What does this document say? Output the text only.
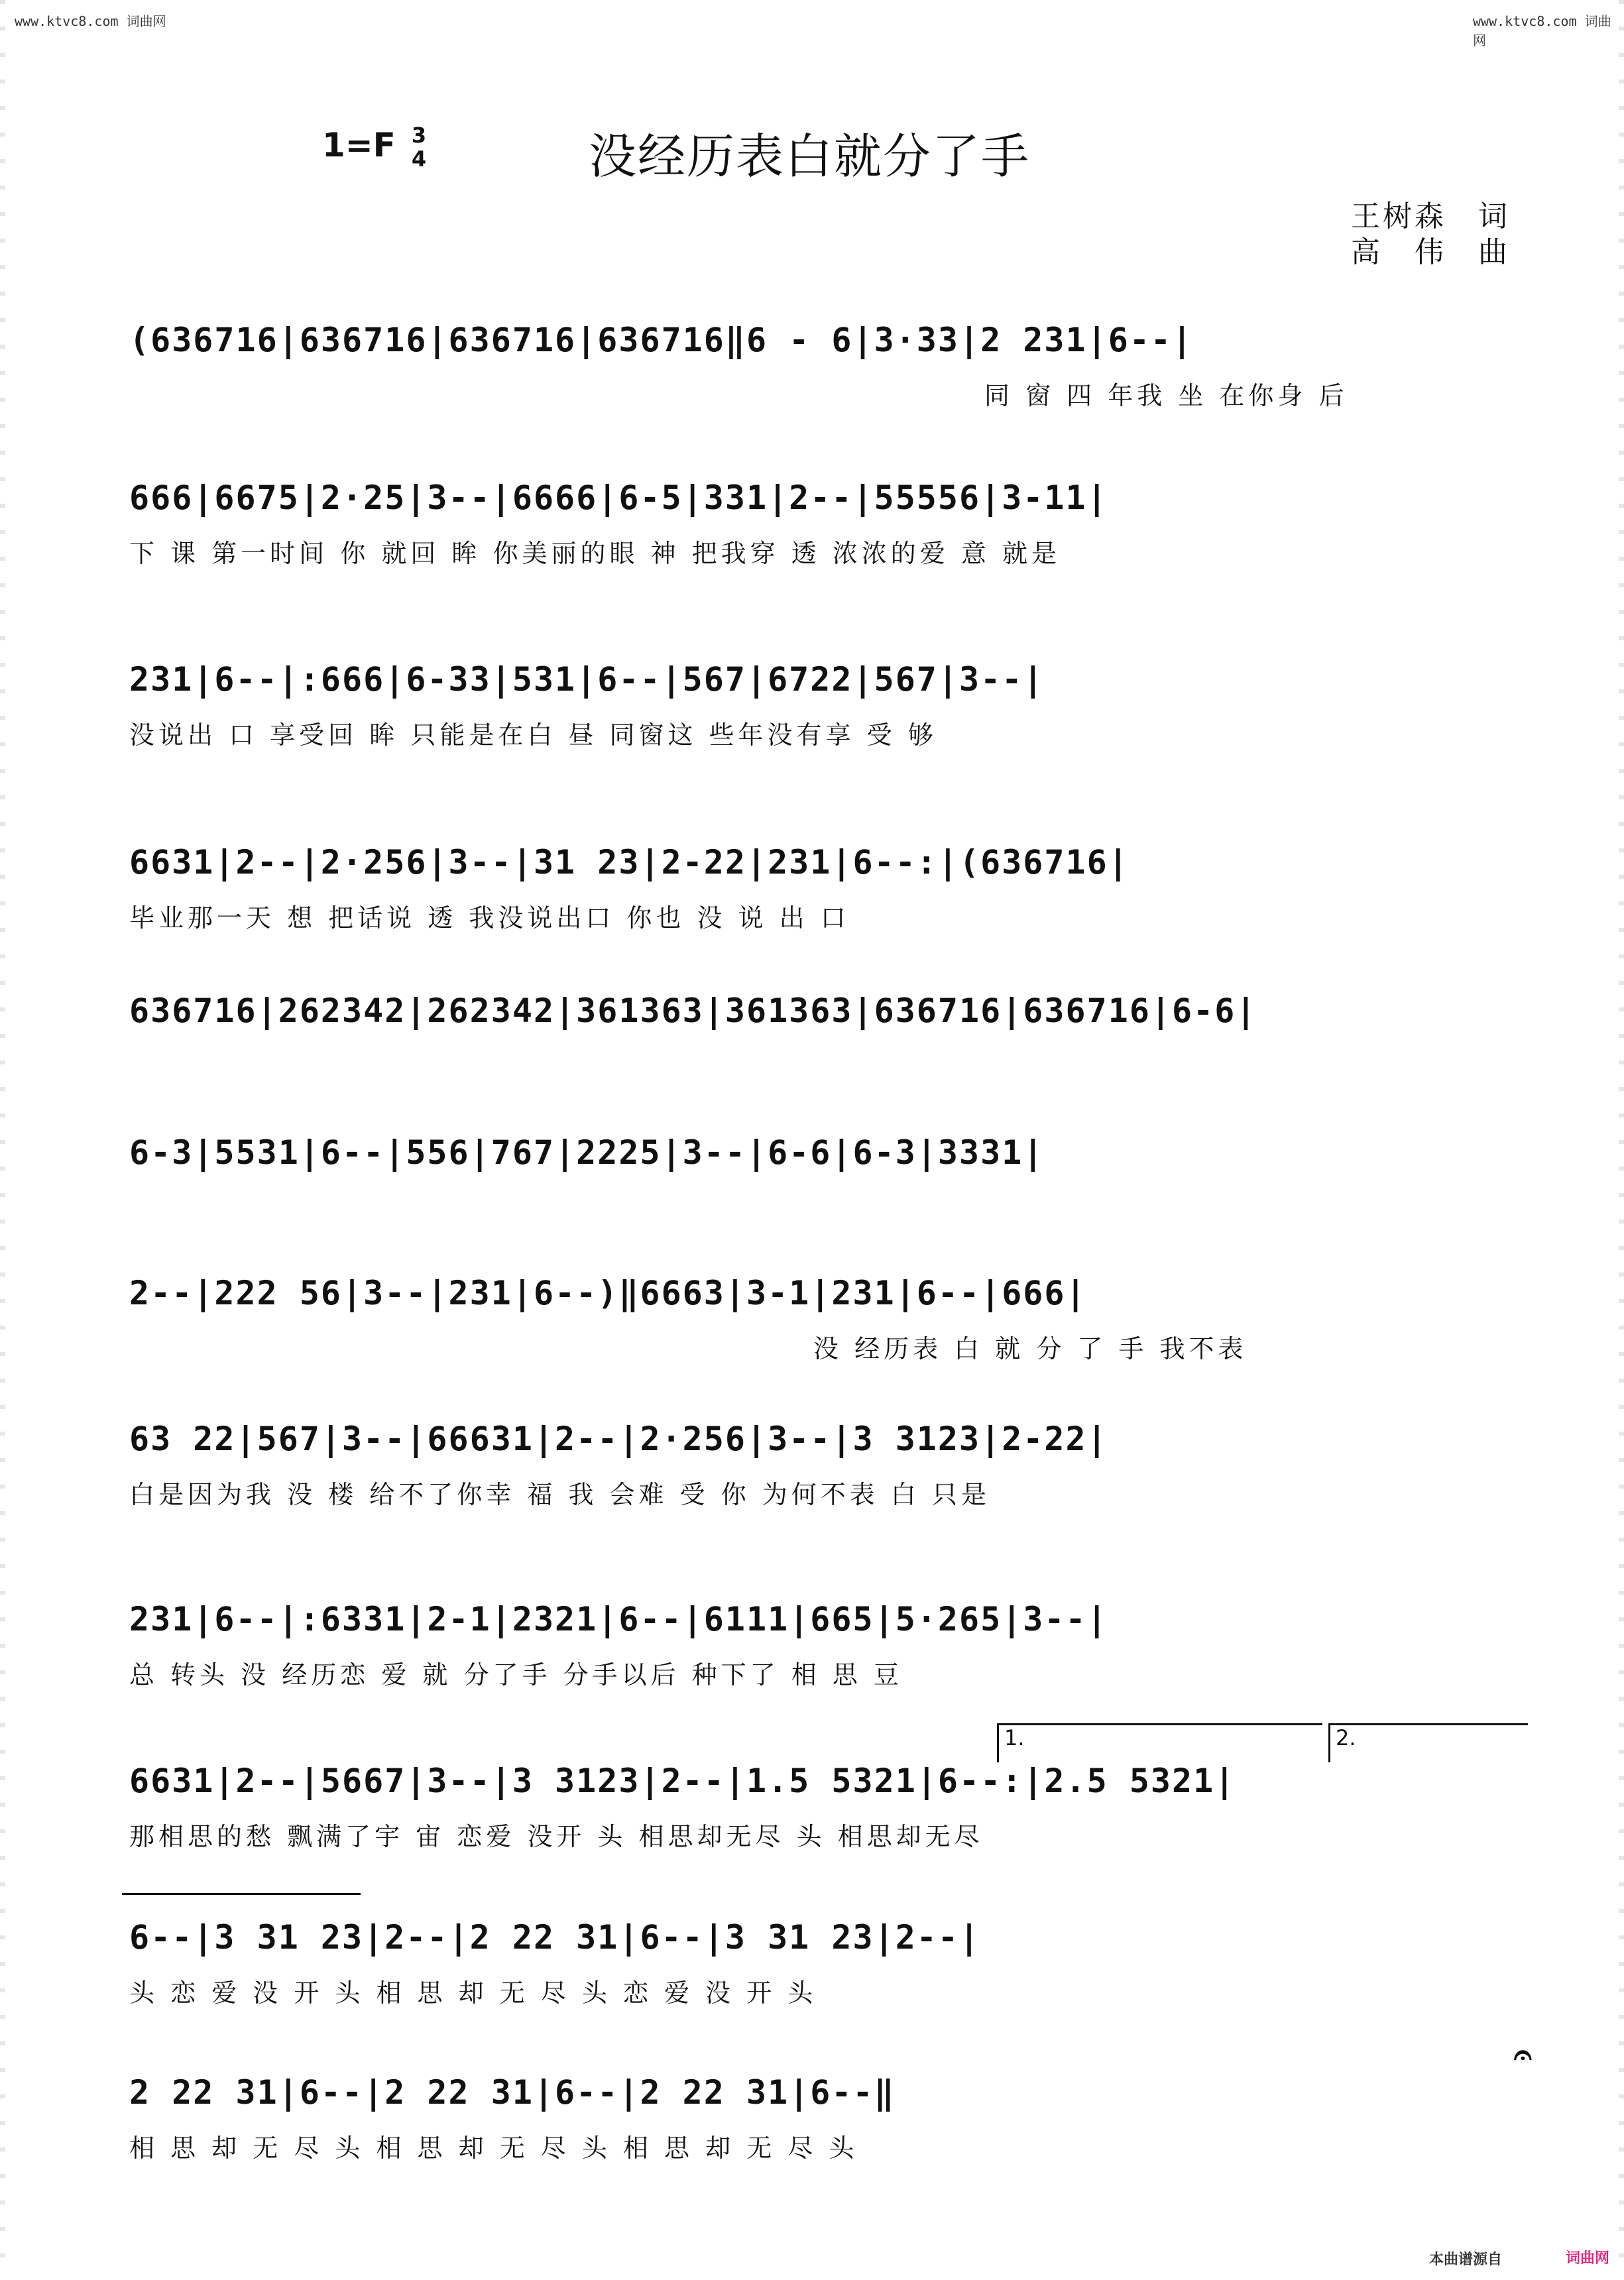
www.ktvc8.com 词曲网	www.ktvc8.com 词曲网
1=F 3
4	没经历表白就分了手
王树森　词
高　伟　曲
(636716|636716|636716|636716‖6 - 6|3·33|2 231|6--|
同 窗 四 年我 坐 在你身 后
666|6675|2·25|3--|6666|6-5|331|2--|55556|3-11|
下 课 第一时间 你 就回 眸 你美丽的眼 神 把我穿 透 浓浓的爱 意 就是
231|6--|:666|6-33|531|6--|567|6722|567|3--|
没说出 口 享受回 眸 只能是在白 昼 同窗这 些年没有享 受 够
6631|2--|2·256|3--|31 23|2-22|231|6--:|(636716|
毕业那一天 想 把话说 透 我没说出口 你也 没 说 出 口
636716|262342|262342|361363|361363|636716|636716|6-6|
6-3|5531|6--|556|767|2225|3--|6-6|6-3|3331|
2--|222 56|3--|231|6--)‖6663|3-1|231|6--|666|
没 经历表 白 就 分 了 手 我不表
63 22|567|3--|66631|2--|2·256|3--|3 3123|2-22|
白是因为我 没 楼 给不了你幸 福 我 会难 受 你 为何不表 白 只是
231|6--|:6331|2-1|2321|6--|6111|665|5·265|3--|
总 转头 没 经历恋 爱 就 分了手 分手以后 种下了 相 思 豆
1.	2.
6631|2--|5667|3--|3 3123|2--|1.5 5321|6--:|2.5 5321|
那相思的愁 飘满了宇 宙 恋爱 没开 头 相思却无尽 头 相思却无尽
6--|3 31 23|2--|2 22 31|6--|3 31 23|2--|
头 恋 爱 没 开 头 相 思 却 无 尽 头 恋 爱 没 开 头
𝄐
2 22 31|6--|2 22 31|6--|2 22 31|6--‖
相 思 却 无 尽 头 相 思 却 无 尽 头 相 思 却 无 尽 头
本曲谱源自	词曲网
